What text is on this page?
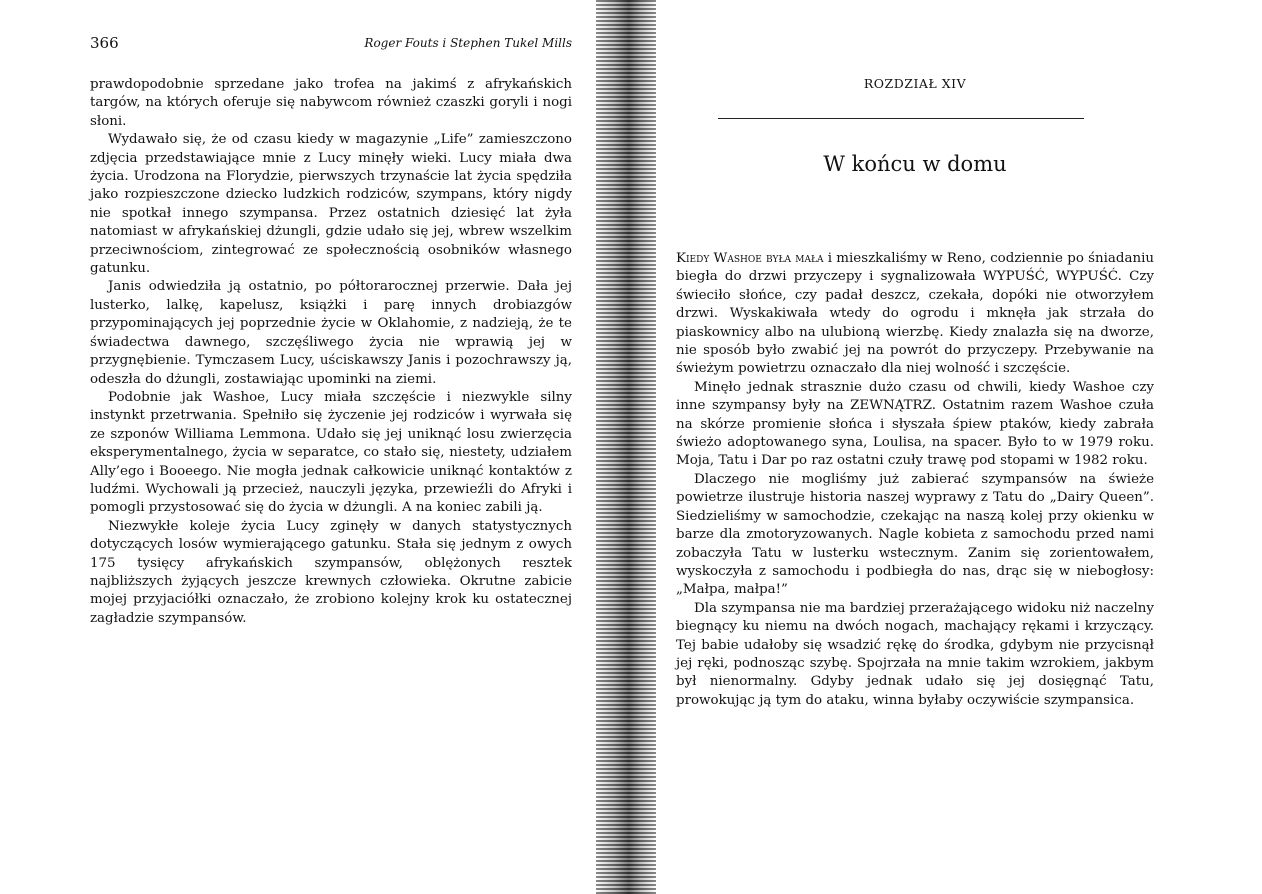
366	Roger Fouts i Stephen Tukel Mills

prawdopodobnie sprzedane jako trofea na jakimś z afrykańskich targów, na których oferuje się nabywcom również czaszki goryli i nogi słoni.

Wydawało się, że od czasu kiedy w magazynie „Life” zamieszczono zdjęcia przedstawiające mnie z Lucy minęły wieki. Lucy miała dwa życia. Urodzona na Florydzie, pierwszych trzynaście lat życia spędziła jako rozpieszczone dziecko ludzkich rodziców, szympans, który nigdy nie spotkał innego szympansa. Przez ostatnich dziesięć lat żyła natomiast w afrykańskiej dżungli, gdzie udało się jej, wbrew wszelkim przeciwnościom, zintegrować ze społecznością osobników własnego gatunku.

Janis odwiedziła ją ostatnio, po półtorarocznej przerwie. Dała jej lusterko, lalkę, kapelusz, książki i parę innych drobiazgów przypominających jej poprzednie życie w Oklahomie, z nadzieją, że te świadectwa dawnego, szczęśliwego życia nie wprawią jej w przygnębienie. Tymczasem Lucy, uściskawszy Janis i pozochrawszy ją, odeszła do dżungli, zostawiając upominki na ziemi.

Podobnie jak Washoe, Lucy miała szczęście i niezwykle silny instynkt przetrwania. Spełniło się życzenie jej rodziców i wyrwała się ze szponów Williama Lemmona. Udało się jej uniknąć losu zwierzęcia eksperymentalnego, życia w separatce, co stało się, niestety, udziałem Ally’ego i Booeego. Nie mogła jednak całkowicie uniknąć kontaktów z ludźmi. Wychowali ją przecież, nauczyli języka, przewieźli do Afryki i pomogli przystosować się do życia w dżungli. A na koniec zabili ją.

Niezwykłe koleje życia Lucy zginęły w danych statystycznych dotyczących losów wymierającego gatunku. Stała się jednym z owych 175 tysięcy afrykańskich szympansów, oblężonych resztek najbliższych żyjących jeszcze krewnych człowieka. Okrutne zabicie mojej przyjaciółki oznaczało, że zrobiono kolejny krok ku ostatecznej zagładzie szympansów.

ROZDZIAŁ XIV
W końcu w domu

Kiedy Washoe była mała i mieszkaliśmy w Reno, codziennie po śniadaniu biegła do drzwi przyczepy i sygnalizowała WYPUŚĆ, WYPUŚĆ. Czy świeciło słońce, czy padał deszcz, czekała, dopóki nie otworzyłem drzwi. Wyskakiwała wtedy do ogrodu i mknęła jak strzała do piaskownicy albo na ulubioną wierzbę. Kiedy znalazła się na dworze, nie sposób było zwabić jej na powrót do przyczepy. Przebywanie na świeżym powietrzu oznaczało dla niej wolność i szczęście.

Minęło jednak strasznie dużo czasu od chwili, kiedy Washoe czy inne szympansy były na ZEWNĄTRZ. Ostatnim razem Washoe czuła na skórze promienie słońca i słyszała śpiew ptaków, kiedy zabrała świeżo adoptowanego syna, Loulisa, na spacer. Było to w 1979 roku. Moja, Tatu i Dar po raz ostatni czuły trawę pod stopami w 1982 roku.

Dlaczego nie mogliśmy już zabierać szympansów na świeże powietrze ilustruje historia naszej wyprawy z Tatu do „Dairy Queen”. Siedzieliśmy w samochodzie, czekając na naszą kolej przy okienku w barze dla zmotoryzowanych. Nagle kobieta z samochodu przed nami zobaczyła Tatu w lusterku wstecznym. Zanim się zorientowałem, wyskoczyła z samochodu i podbiegła do nas, drąc się w niebogłosy: „Małpa, małpa!”

Dla szympansa nie ma bardziej przerażającego widoku niż naczelny biegnący ku niemu na dwóch nogach, machający rękami i krzyczący. Tej babie udałoby się wsadzić rękę do środka, gdybym nie przycisnął jej ręki, podnosząc szybę. Spojrzała na mnie takim wzrokiem, jakbym był nienormalny. Gdyby jednak udało się jej dosięgnąć Tatu, prowokując ją tym do ataku, winna byłaby oczywiście szympansica.
